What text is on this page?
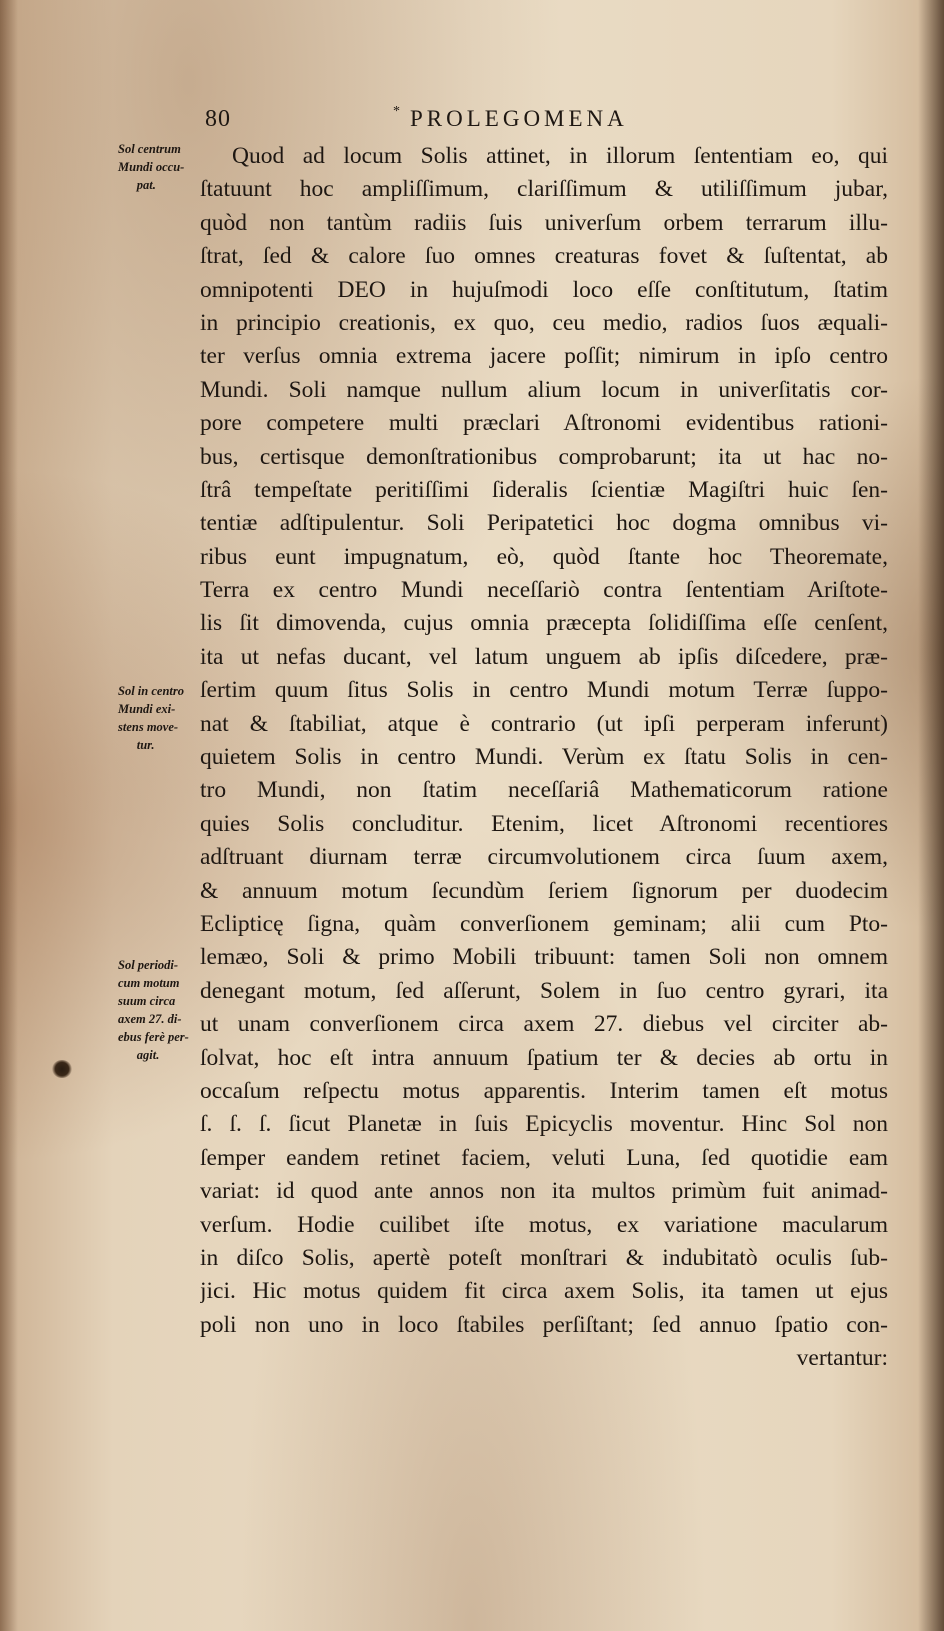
80	* PROLEGOMENA
Sol centrum
Mundi occu-
pat.
Sol in centro
Mundi exi-
stens move-
tur.
Sol periodi-
cum motum
suum circa
axem 27. di-
ebus ferè per-
agit.
Quod ad locum Solis attinet, in illorum ſententiam eo, qui
ſtatuunt hoc ampliſſimum, clariſſimum & utiliſſimum jubar,
quòd non tantùm radiis ſuis univerſum orbem terrarum illu-
ſtrat, ſed & calore ſuo omnes creaturas fovet & ſuſtentat, ab
omnipotenti DEO in hujuſmodi loco eſſe conſtitutum, ſtatim
in principio creationis, ex quo, ceu medio, radios ſuos æquali-
ter verſus omnia extrema jacere poſſit; nimirum in ipſo centro
Mundi. Soli namque nullum alium locum in univerſitatis cor-
pore competere multi præclari Aſtronomi evidentibus rationi-
bus, certisque demonſtrationibus comprobarunt; ita ut hac no-
ſtrâ tempeſtate peritiſſimi ſideralis ſcientiæ Magiſtri huic ſen-
tentiæ adſtipulentur. Soli Peripatetici hoc dogma omnibus vi-
ribus eunt impugnatum, eò, quòd ſtante hoc Theoremate,
Terra ex centro Mundi neceſſariò contra ſententiam Ariſtote-
lis ſit dimovenda, cujus omnia præcepta ſolidiſſima eſſe cenſent,
ita ut nefas ducant, vel latum unguem ab ipſis diſcedere, præ-
ſertim quum ſitus Solis in centro Mundi motum Terræ ſuppo-
nat & ſtabiliat, atque è contrario (ut ipſi perperam inferunt)
quietem Solis in centro Mundi. Verùm ex ſtatu Solis in cen-
tro Mundi, non ſtatim neceſſariâ Mathematicorum ratione
quies Solis concluditur. Etenim, licet Aſtronomi recentiores
adſtruant diurnam terræ circumvolutionem circa ſuum axem,
& annuum motum ſecundùm ſeriem ſignorum per duodecim
Eclipticę ſigna, quàm converſionem geminam; alii cum Pto-
lemæo, Soli & primo Mobili tribuunt: tamen Soli non omnem
denegant motum, ſed aſſerunt, Solem in ſuo centro gyrari, ita
ut unam converſionem circa axem 27. diebus vel circiter ab-
ſolvat, hoc eſt intra annuum ſpatium ter & decies ab ortu in
occaſum reſpectu motus apparentis. Interim tamen eſt motus
ſ. ſ. ſ. ſicut Planetæ in ſuis Epicyclis moventur. Hinc Sol non
ſemper eandem retinet faciem, veluti Luna, ſed quotidie eam
variat: id quod ante annos non ita multos primùm fuit animad-
verſum. Hodie cuilibet iſte motus, ex variatione macularum
in diſco Solis, apertè poteſt monſtrari & indubitatò oculis ſub-
jici. Hic motus quidem fit circa axem Solis, ita tamen ut ejus
poli non uno in loco ſtabiles perſiſtant; ſed annuo ſpatio con-
vertantur:
